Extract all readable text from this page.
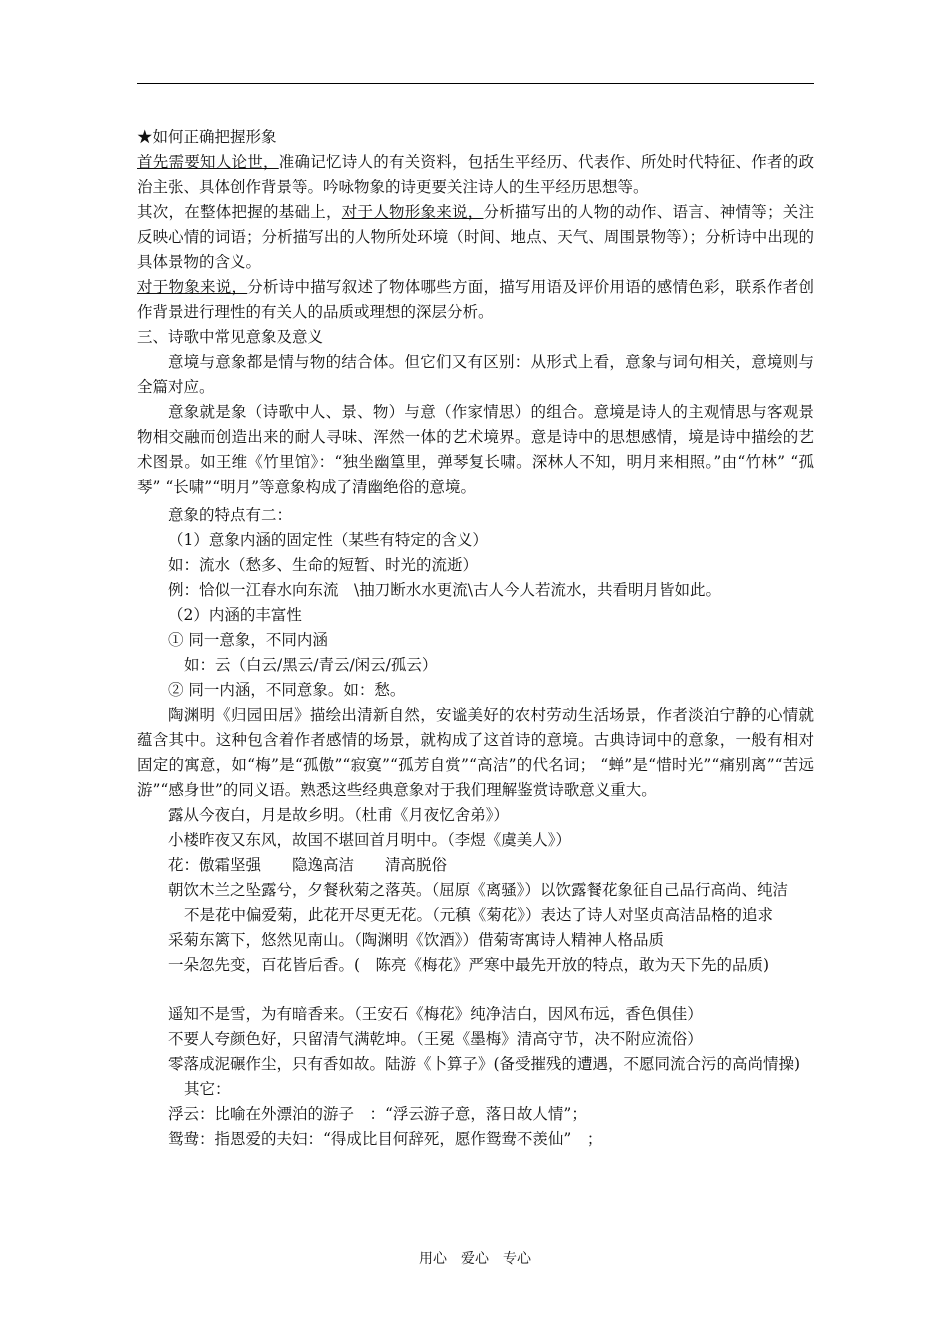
★如何正确把握形象

首先需要知人论世，准确记忆诗人的有关资料，包括生平经历、代表作、所处时代特征、作者的政治主张、具体创作背景等。吟咏物象的诗更要关注诗人的生平经历思想等。

其次，在整体把握的基础上，对于人物形象来说，分析描写出的人物的动作、语言、神情等；关注反映心情的词语；分析描写出的人物所处环境（时间、地点、天气、周围景物等）；分析诗中出现的具体景物的含义。

对于物象来说，分析诗中描写叙述了物体哪些方面，描写用语及评价用语的感情色彩，联系作者创作背景进行理性的有关人的品质或理想的深层分析。

三、诗歌中常见意象及意义

意境与意象都是情与物的结合体。但它们又有区别：从形式上看，意象与词句相关，意境则与全篇对应。

意象就是象（诗歌中人、景、物）与意（作家情思）的组合。意境是诗人的主观情思与客观景物相交融而创造出来的耐人寻味、浑然一体的艺术境界。意是诗中的思想感情，境是诗中描绘的艺术图景。如王维《竹里馆》：“独坐幽篁里，弹琴复长啸。深林人不知，明月来相照。”由“竹林” “孤琴” “长啸”“明月”等意象构成了清幽绝俗的意境。

意象的特点有二：

（1）意象内涵的固定性（某些有特定的含义）

如：流水（愁多、生命的短暂、时光的流逝）

例：恰似一江春水向东流　\抽刀断水水更流\古人今人若流水，共看明月皆如此。

（2）内涵的丰富性

① 同一意象，不同内涵

如：云（白云/黑云/青云/闲云/孤云）

② 同一内涵，不同意象。如：愁。

陶渊明《归园田居》描绘出清新自然，安谧美好的农村劳动生活场景，作者淡泊宁静的心情就蕴含其中。这种包含着作者感情的场景，就构成了这首诗的意境。古典诗词中的意象，一般有相对固定的寓意，如“梅”是“孤傲”“寂寞”“孤芳自赏”“高洁”的代名词； “蝉”是“惜时光”“痛别离”“苦远游”“感身世”的同义语。熟悉这些经典意象对于我们理解鉴赏诗歌意义重大。

露从今夜白，月是故乡明。（杜甫《月夜忆舍弟》）

小楼昨夜又东风，故国不堪回首月明中。（李煜《虞美人》）

花：傲霜坚强　　隐逸高洁　　清高脱俗

朝饮木兰之坠露兮，夕餐秋菊之落英。（屈原《离骚》）以饮露餐花象征自己品行高尚、纯洁

不是花中偏爱菊，此花开尽更无花。（元稹《菊花》）表达了诗人对坚贞高洁品格的追求

采菊东篱下，悠然见南山。（陶渊明《饮酒》）借菊寄寓诗人精神人格品质

一朵忽先变，百花皆后香。(　陈亮《梅花》严寒中最先开放的特点，敢为天下先的品质)

遥知不是雪，为有暗香来。（王安石《梅花》纯净洁白，因风布远，香色俱佳）

不要人夸颜色好，只留清气满乾坤。（王冕《墨梅》清高守节，决不附应流俗）

零落成泥碾作尘，只有香如故。陆游《卜算子》(备受摧残的遭遇，不愿同流合污的高尚情操)

其它：

浮云：比喻在外漂泊的游子　：“浮云游子意，落日故人情”；

鸳鸯：指恩爱的夫妇：“得成比目何辞死，愿作鸳鸯不羡仙”　；

用心　爱心　专心
